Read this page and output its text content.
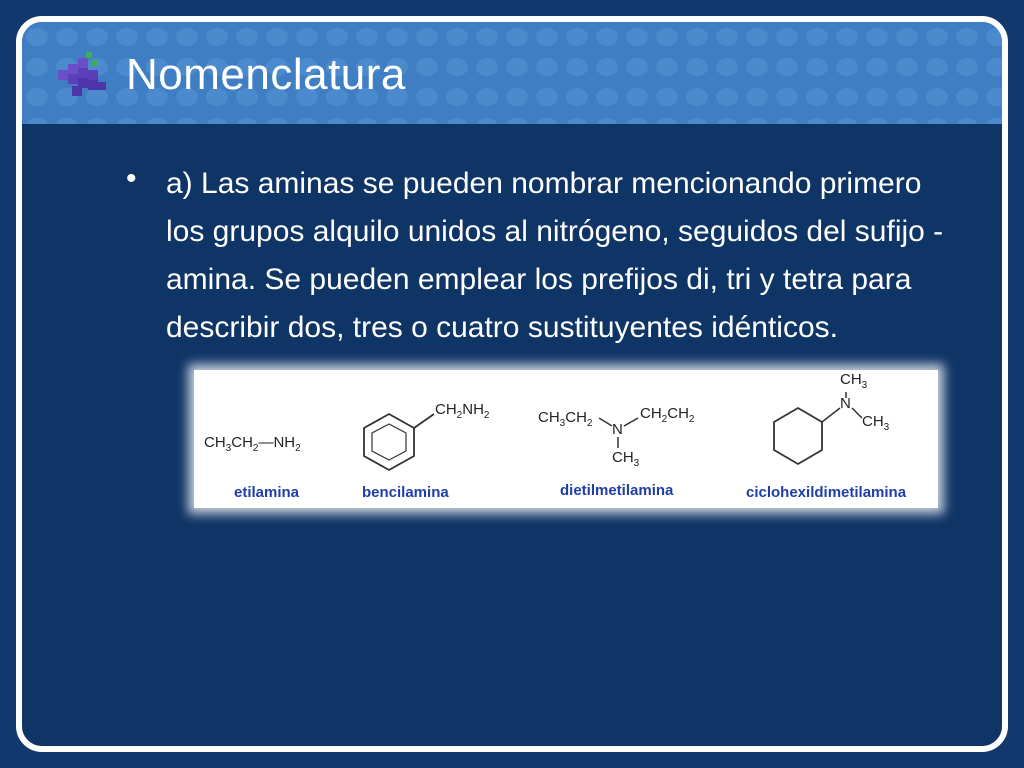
Nomenclatura
• a) Las aminas se pueden nombrar mencionando primero los grupos alquilo unidos al nitrógeno, seguidos del sufijo -amina. Se pueden emplear los prefijos di, tri y tetra para describir dos, tres o cuatro sustituyentes idénticos.
$CH_3CH_2—NH_2$
$CH_2NH_2$	$CH_3CH_2$ N
$CH_2CH_2$
$CH_3$
N
$CH_3$
$CH_3$
etilamina	bencilamina	dietilmetilamina	ciclohexildimetilamina
